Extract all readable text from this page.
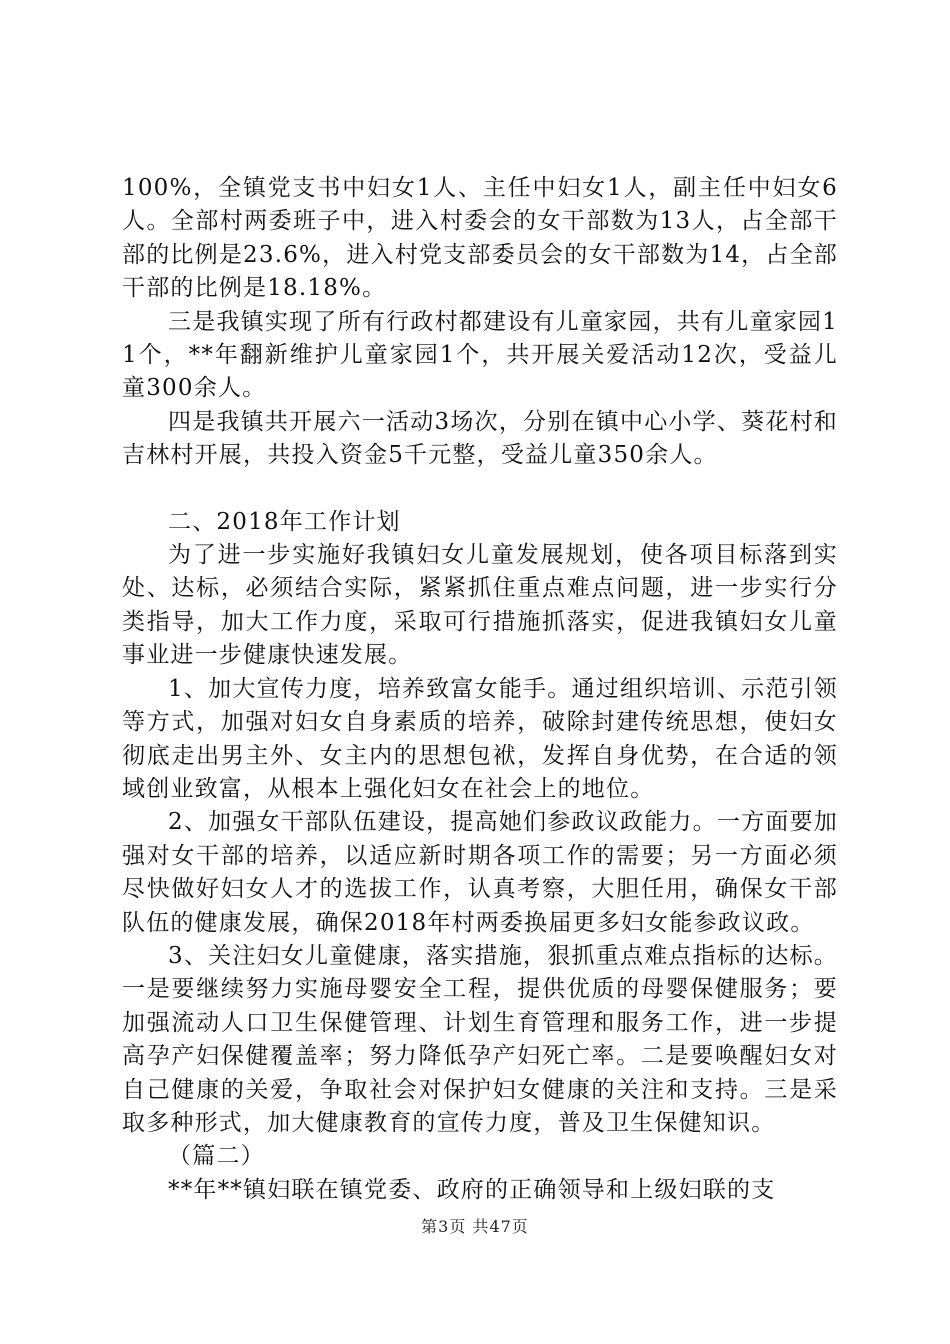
100%，全镇党支书中妇女1人、主任中妇女1人，副主任中妇女6人。全部村两委班子中，进入村委会的女干部数为13人，占全部干部的比例是23.6%，进入村党支部委员会的女干部数为14，占全部干部的比例是18.18%。

三是我镇实现了所有行政村都建设有儿童家园，共有儿童家园11个，**年翻新维护儿童家园1个，共开展关爱活动12次，受益儿童300余人。

四是我镇共开展六一活动3场次，分别在镇中心小学、葵花村和吉林村开展，共投入资金5千元整，受益儿童350余人。

二、2018年工作计划

为了进一步实施好我镇妇女儿童发展规划，使各项目标落到实处、达标，必须结合实际，紧紧抓住重点难点问题，进一步实行分类指导，加大工作力度，采取可行措施抓落实，促进我镇妇女儿童事业进一步健康快速发展。

1、加大宣传力度，培养致富女能手。通过组织培训、示范引领等方式，加强对妇女自身素质的培养，破除封建传统思想，使妇女彻底走出男主外、女主内的思想包袱，发挥自身优势，在合适的领域创业致富，从根本上强化妇女在社会上的地位。

2、加强女干部队伍建设，提高她们参政议政能力。一方面要加强对女干部的培养，以适应新时期各项工作的需要；另一方面必须尽快做好妇女人才的选拔工作，认真考察，大胆任用，确保女干部队伍的健康发展，确保2018年村两委换届更多妇女能参政议政。

3、关注妇女儿童健康，落实措施，狠抓重点难点指标的达标。一是要继续努力实施母婴安全工程，提供优质的母婴保健服务；要加强流动人口卫生保健管理、计划生育管理和服务工作，进一步提高孕产妇保健覆盖率；努力降低孕产妇死亡率。二是要唤醒妇女对自己健康的关爱，争取社会对保护妇女健康的关注和支持。三是采取多种形式，加大健康教育的宣传力度，普及卫生保健知识。

（篇二）

**年**镇妇联在镇党委、政府的正确领导和上级妇联的支

第3页 共47页
